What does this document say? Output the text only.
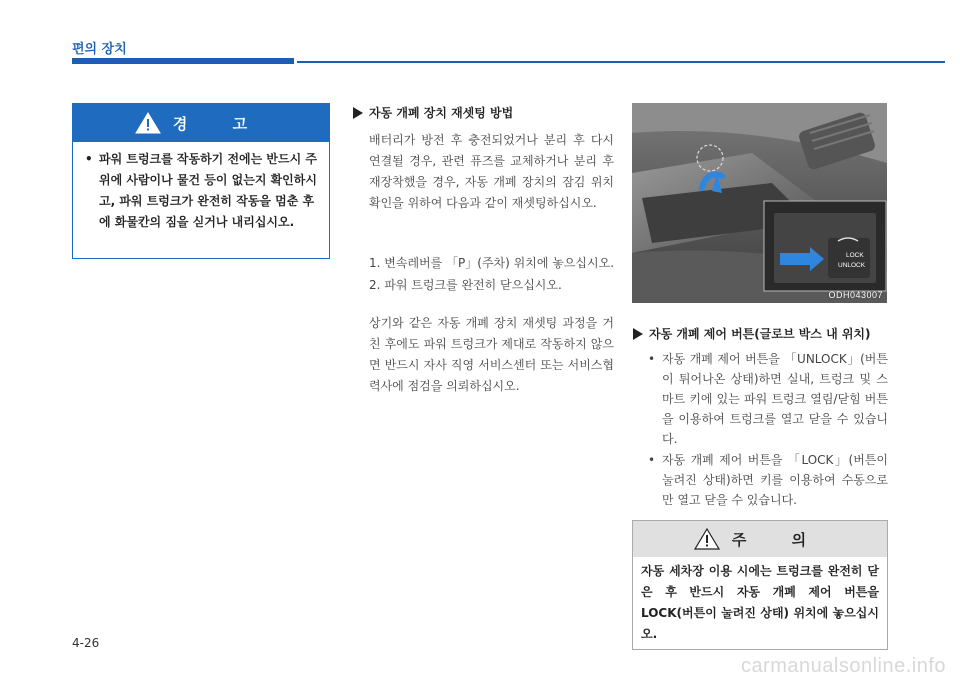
편의 장치
경 고
• 파워 트렁크를 작동하기 전에는 반드시 주위에 사람이나 물건 등이 없는지 확인하시고, 파워 트렁크가 완전히 작동을 멈춘 후에 화물칸의 짐을 싣거나 내리십시오.
자동 개폐 장치 재셋팅 방법
배터리가 방전 후 충전되었거나 분리 후 다시 연결될 경우, 관련 퓨즈를 교체하거나 분리 후 재장착했을 경우, 자동 개폐 장치의 잠김 위치 확인을 위하여 다음과 같이 재셋팅하십시오.
1. 변속레버를 「P」(주차) 위치에 놓으십시오.
2. 파워 트렁크를 완전히 닫으십시오.
상기와 같은 자동 개폐 장치 재셋팅 과정을 거친 후에도 파워 트렁크가 제대로 작동하지 않으면 반드시 자사 직영 서비스센터 또는 서비스협력사에 점검을 의뢰하십시오.
LOCK
UNLOCK
ODH043007
자동 개폐 제어 버튼(글로브 박스 내 위치)
• 자동 개폐 제어 버튼을 「UNLOCK」(버튼이 튀어나온 상태)하면 실내, 트렁크 및 스마트 키에 있는 파워 트렁크 열림/닫힘 버튼을 이용하여 트렁크를 열고 닫을 수 있습니다.
• 자동 개폐 제어 버튼을 「LOCK」(버튼이 눌려진 상태)하면 키를 이용하여 수동으로만 열고 닫을 수 있습니다.
주 의
자동 세차장 이용 시에는 트렁크를 완전히 닫은 후 반드시 자동 개폐 제어 버튼을 LOCK(버튼이 눌려진 상태) 위치에 놓으십시오.
4-26
carmanualsonline.info
